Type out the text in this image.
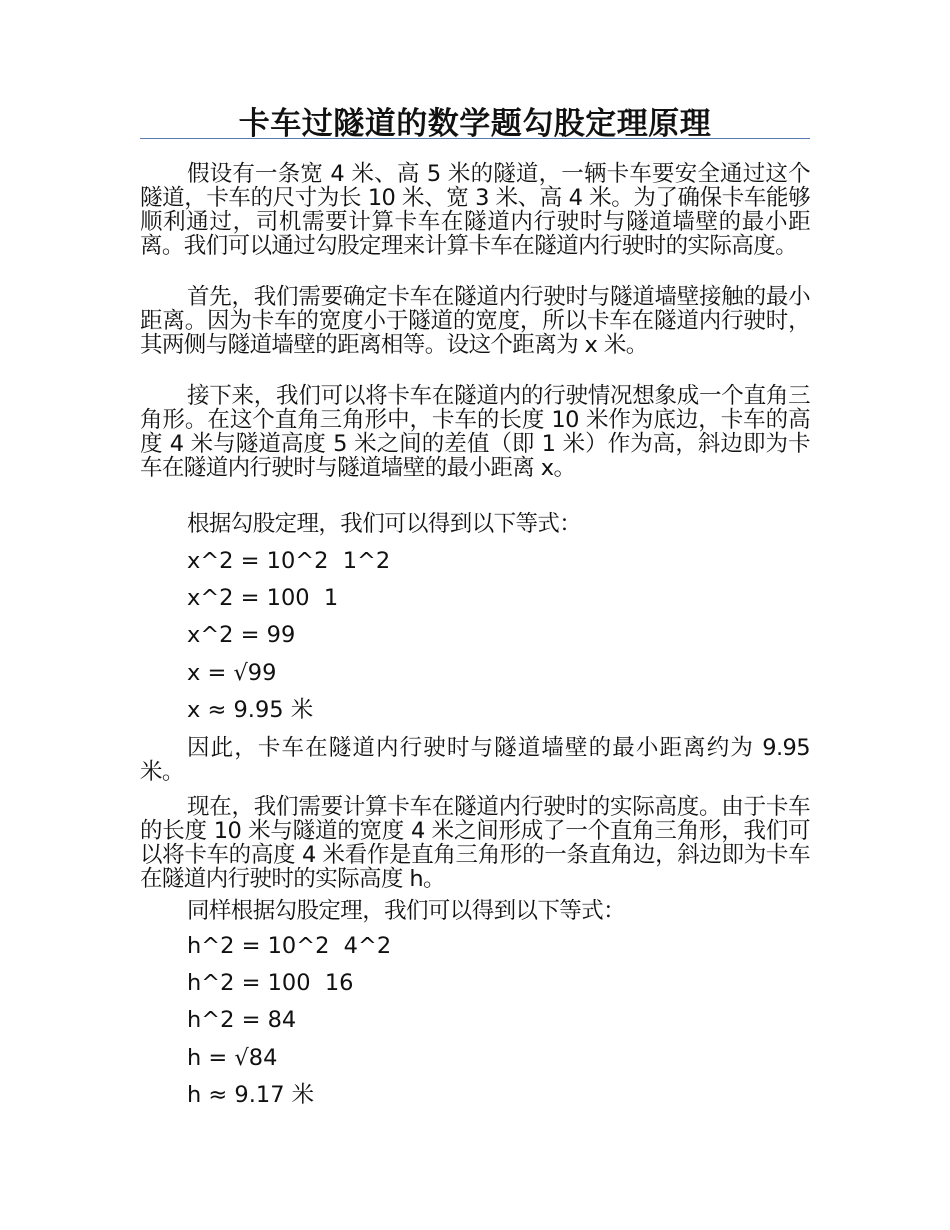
卡车过隧道的数学题勾股定理原理

假设有一条宽 4 米、高 5 米的隧道，一辆卡车要安全通过这个隧道，卡车的尺寸为长 10 米、宽 3 米、高 4 米。为了确保卡车能够顺利通过，司机需要计算卡车在隧道内行驶时与隧道墙壁的最小距离。我们可以通过勾股定理来计算卡车在隧道内行驶时的实际高度。

首先，我们需要确定卡车在隧道内行驶时与隧道墙壁接触的最小距离。因为卡车的宽度小于隧道的宽度，所以卡车在隧道内行驶时，其两侧与隧道墙壁的距离相等。设这个距离为 x 米。

接下来，我们可以将卡车在隧道内的行驶情况想象成一个直角三角形。在这个直角三角形中，卡车的长度 10 米作为底边，卡车的高度 4 米与隧道高度 5 米之间的差值（即 1 米）作为高，斜边即为卡车在隧道内行驶时与隧道墙壁的最小距离 x。

根据勾股定理，我们可以得到以下等式：

x^2 = 10^2  1^2

x^2 = 100  1

x^2 = 99

x = √99

x ≈ 9.95 米

因此，卡车在隧道内行驶时与隧道墙壁的最小距离约为 9.95 米。

现在，我们需要计算卡车在隧道内行驶时的实际高度。由于卡车的长度 10 米与隧道的宽度 4 米之间形成了一个直角三角形，我们可以将卡车的高度 4 米看作是直角三角形的一条直角边，斜边即为卡车在隧道内行驶时的实际高度 h。

同样根据勾股定理，我们可以得到以下等式：

h^2 = 10^2  4^2

h^2 = 100  16

h^2 = 84

h = √84

h ≈ 9.17 米
